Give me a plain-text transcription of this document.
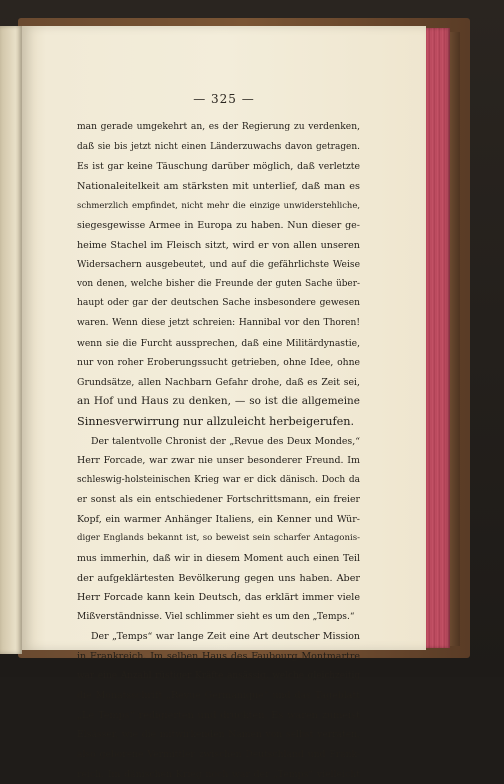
— 325 —
man gerade umgekehrt an, es der Regierung zu verdenken,
daß sie bis jetzt nicht einen Länderzuwachs davon getragen.
Es ist gar keine Täuschung darüber möglich, daß verletzte
Nationaleitelkeit am stärksten mit unterlief, daß man es
schmerzlich empfindet, nicht mehr die einzige unwiderstehliche,
siegesgewisse Armee in Europa zu haben. Nun dieser ge-
heime Stachel im Fleisch sitzt, wird er von allen unseren
Widersachern ausgebeutet, und auf die gefährlichste Weise
von denen, welche bisher die Freunde der guten Sache über-
haupt oder gar der deutschen Sache insbesondere gewesen
waren. Wenn diese jetzt schreien: Hannibal vor den Thoren!
wenn sie die Furcht aussprechen, daß eine Militärdynastie,
nur von roher Eroberungssucht getrieben, ohne Idee, ohne
Grundsätze, allen Nachbarn Gefahr drohe, daß es Zeit sei,
an Hof und Haus zu denken, — so ist die allgemeine
Sinnesverwirrung nur allzuleicht herbeigerufen.
Der talentvolle Chronist der „Revue des Deux Mondes,“
Herr Forcade, war zwar nie unser besonderer Freund. Im
schleswig-holsteinischen Krieg war er dick dänisch. Doch da
er sonst als ein entschiedener Fortschrittsmann, ein freier
Kopf, ein warmer Anhänger Italiens, ein Kenner und Wür-
diger Englands bekannt ist, so beweist sein scharfer Antagonis-
mus immerhin, daß wir in diesem Moment auch einen Teil
der aufgeklärtesten Bevölkerung gegen uns haben. Aber
Herr Forcade kann kein Deutsch, das erklärt immer viele
Mißverständnisse. Viel schlimmer sieht es um den „Temps.“
Der „Temps“ war lange Zeit eine Art deutscher Mission
in Frankreich. Im selben Haus des Faubourg Montmartre
war eine Anzahl rüstiger Kräfte ansässig, welche gleichzeitig
die Monatsschrift „Revue Germanique“ und das Tageblatt
„Le Temps“ redigierten und druckten. Es waren zumeist
Elsässer, wie die mitwirkenden Namen von selbst verraten,
also geborene Vermittler zwischen Deutschland und Frank-
reich. Im dänischen Krieg noch war der „Temps“ vielleicht
